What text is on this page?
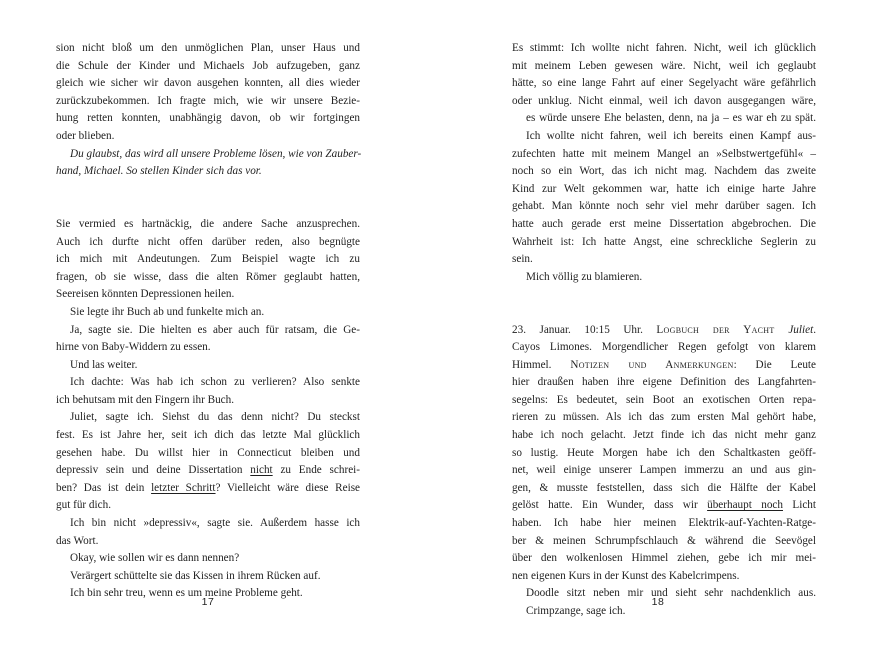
sion nicht bloß um den unmöglichen Plan, unser Haus und
die Schule der Kinder und Michaels Job aufzugeben, ganz
gleich wie sicher wir davon ausgehen konnten, all dies wieder
zurückzubekommen. Ich fragte mich, wie wir unsere Bezie-
hung retten konnten, unabhängig davon, ob wir fortgingen
oder blieben.
Du glaubst, das wird all unsere Probleme lösen, wie von Zauber-
hand, Michael. So stellen Kinder sich das vor.
Sie vermied es hartnäckig, die andere Sache anzusprechen.
Auch ich durfte nicht offen darüber reden, also begnügte
ich mich mit Andeutungen. Zum Beispiel wagte ich zu
fragen, ob sie wisse, dass die alten Römer geglaubt hatten,
Seereisen könnten Depressionen heilen.
Sie legte ihr Buch ab und funkelte mich an.
Ja, sagte sie. Die hielten es aber auch für ratsam, die Ge-
hirne von Baby-Widdern zu essen.
Und las weiter.
Ich dachte: Was hab ich schon zu verlieren? Also senkte
ich behutsam mit den Fingern ihr Buch.
Juliet, sagte ich. Siehst du das denn nicht? Du steckst
fest. Es ist Jahre her, seit ich dich das letzte Mal glücklich
gesehen habe. Du willst hier in Connecticut bleiben und
depressiv sein und deine Dissertation nicht zu Ende schrei-
ben? Das ist dein letzter Schritt? Vielleicht wäre diese Reise
gut für dich.
Ich bin nicht »depressiv«, sagte sie. Außerdem hasse ich
das Wort.
Okay, wie sollen wir es dann nennen?
Verärgert schüttelte sie das Kissen in ihrem Rücken auf.
Ich bin sehr treu, wenn es um meine Probleme geht.
Es stimmt: Ich wollte nicht fahren. Nicht, weil ich glücklich
mit meinem Leben gewesen wäre. Nicht, weil ich geglaubt
hätte, so eine lange Fahrt auf einer Segelyacht wäre gefährlich
oder unklug. Nicht einmal, weil ich davon ausgegangen wäre,
es würde unsere Ehe belasten, denn, na ja – es war eh zu spät.
Ich wollte nicht fahren, weil ich bereits einen Kampf aus-
zufechten hatte mit meinem Mangel an »Selbstwertgefühl« –
noch so ein Wort, das ich nicht mag. Nachdem das zweite
Kind zur Welt gekommen war, hatte ich einige harte Jahre
gehabt. Man könnte noch sehr viel mehr darüber sagen. Ich
hatte auch gerade erst meine Dissertation abgebrochen. Die
Wahrheit ist: Ich hatte Angst, eine schreckliche Seglerin zu
sein.
Mich völlig zu blamieren.
23. Januar. 10:15 Uhr. Logbuch der Yacht Juliet.
Cayos Limones. Morgendlicher Regen gefolgt von klarem
Himmel. Notizen und Anmerkungen: Die Leute
hier draußen haben ihre eigene Definition des Langfahrten-
segelns: Es bedeutet, sein Boot an exotischen Orten repa-
rieren zu müssen. Als ich das zum ersten Mal gehört habe,
habe ich noch gelacht. Jetzt finde ich das nicht mehr ganz
so lustig. Heute Morgen habe ich den Schaltkasten geöff-
net, weil einige unserer Lampen immerzu an und aus gin-
gen, & musste feststellen, dass sich die Hälfte der Kabel
gelöst hatte. Ein Wunder, dass wir überhaupt noch Licht
haben. Ich habe hier meinen Elektrik-auf-Yachten-Ratge-
ber & meinen Schrumpfschlauch & während die Seevögel
über den wolkenlosen Himmel ziehen, gebe ich mir mei-
nen eigenen Kurs in der Kunst des Kabelcrimpens.
Doodle sitzt neben mir und sieht sehr nachdenklich aus.
Crimpzange, sage ich.
17	18
